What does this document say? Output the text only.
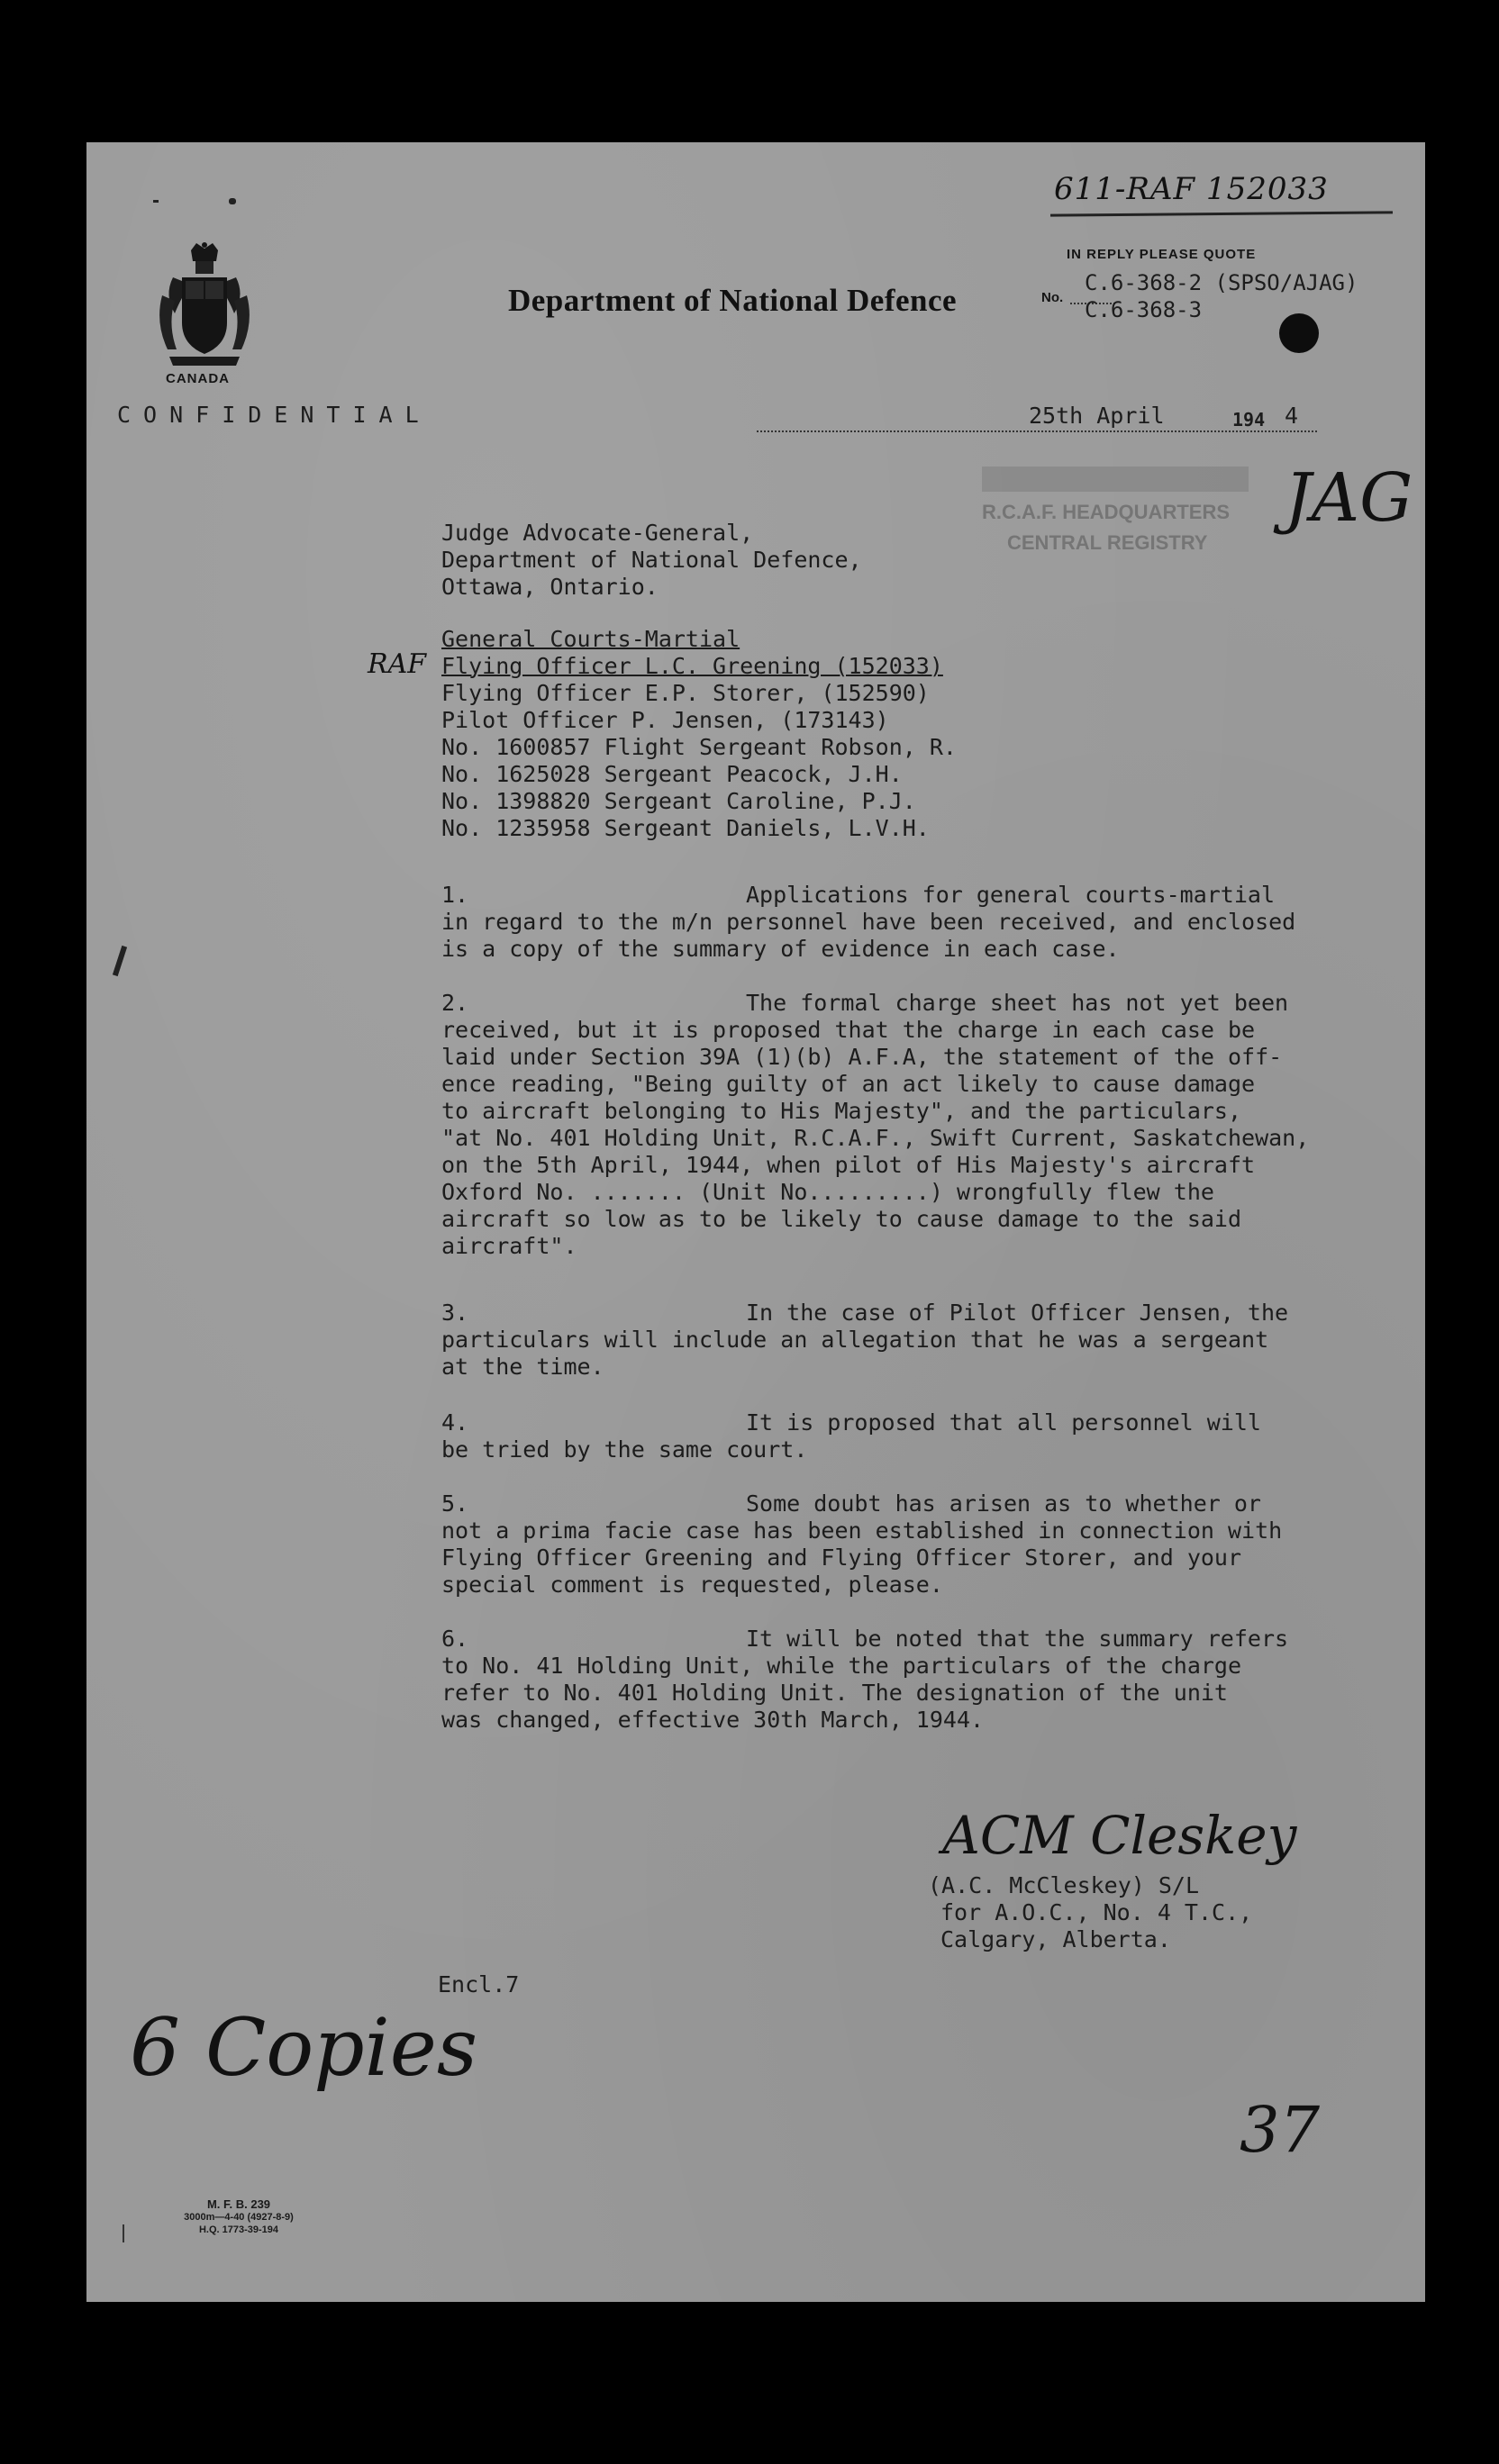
611-RAF 152033
IN REPLY PLEASE QUOTE
No.
C.6-368-2 (SPSO/AJAG)
C.6-368-3
CANADA
Department of National Defence
CONFIDENTIAL	25th April	194 4

R.C.A.F. HEADQUARTERS

CENTRAL REGISTRY

JAG
Judge Advocate-General,
Department of National Defence,
Ottawa, Ontario.
General Courts-Martial
RAF Flying Officer L.C. Greening (152033)
Flying Officer E.P. Storer, (152590)
Pilot Officer P. Jensen, (173143)
No. 1600857 Flight Sergeant Robson, R.
No. 1625028 Sergeant Peacock, J.H.
No. 1398820 Sergeant Caroline, P.J.
No. 1235958 Sergeant Daniels, L.V.H.
1.	Applications for general courts-martial
in regard to the m/n personnel have been received, and enclosed
is a copy of the summary of evidence in each case.
2.	The formal charge sheet has not yet been
received, but it is proposed that the charge in each case be
laid under Section 39A (1)(b) A.F.A, the statement of the off-
ence reading, "Being guilty of an act likely to cause damage
to aircraft belonging to His Majesty", and the particulars,
"at No. 401 Holding Unit, R.C.A.F., Swift Current, Saskatchewan,
on the 5th April, 1944, when pilot of His Majesty's aircraft
Oxford No. ....... (Unit No.........) wrongfully flew the
aircraft so low as to be likely to cause damage to the said
aircraft".
3.	In the case of Pilot Officer Jensen, the
particulars will include an allegation that he was a sergeant
at the time.
4.	It is proposed that all personnel will
be tried by the same court.
5.	Some doubt has arisen as to whether or
not a prima facie case has been established in connection with
Flying Officer Greening and Flying Officer Storer, and your
special comment is requested, please.
6.	It will be noted that the summary refers
to No. 41 Holding Unit, while the particulars of the charge
refer to No. 401 Holding Unit. The designation of the unit
was changed, effective 30th March, 1944.
ACM Cleskey
(A.C. McCleskey) S/L
for A.O.C., No. 4 T.C.,
Calgary, Alberta.
Encl.7
6 Copies
37
M. F. B. 239
3000m—4-40 (4927-8-9)
H.Q. 1773-39-194
